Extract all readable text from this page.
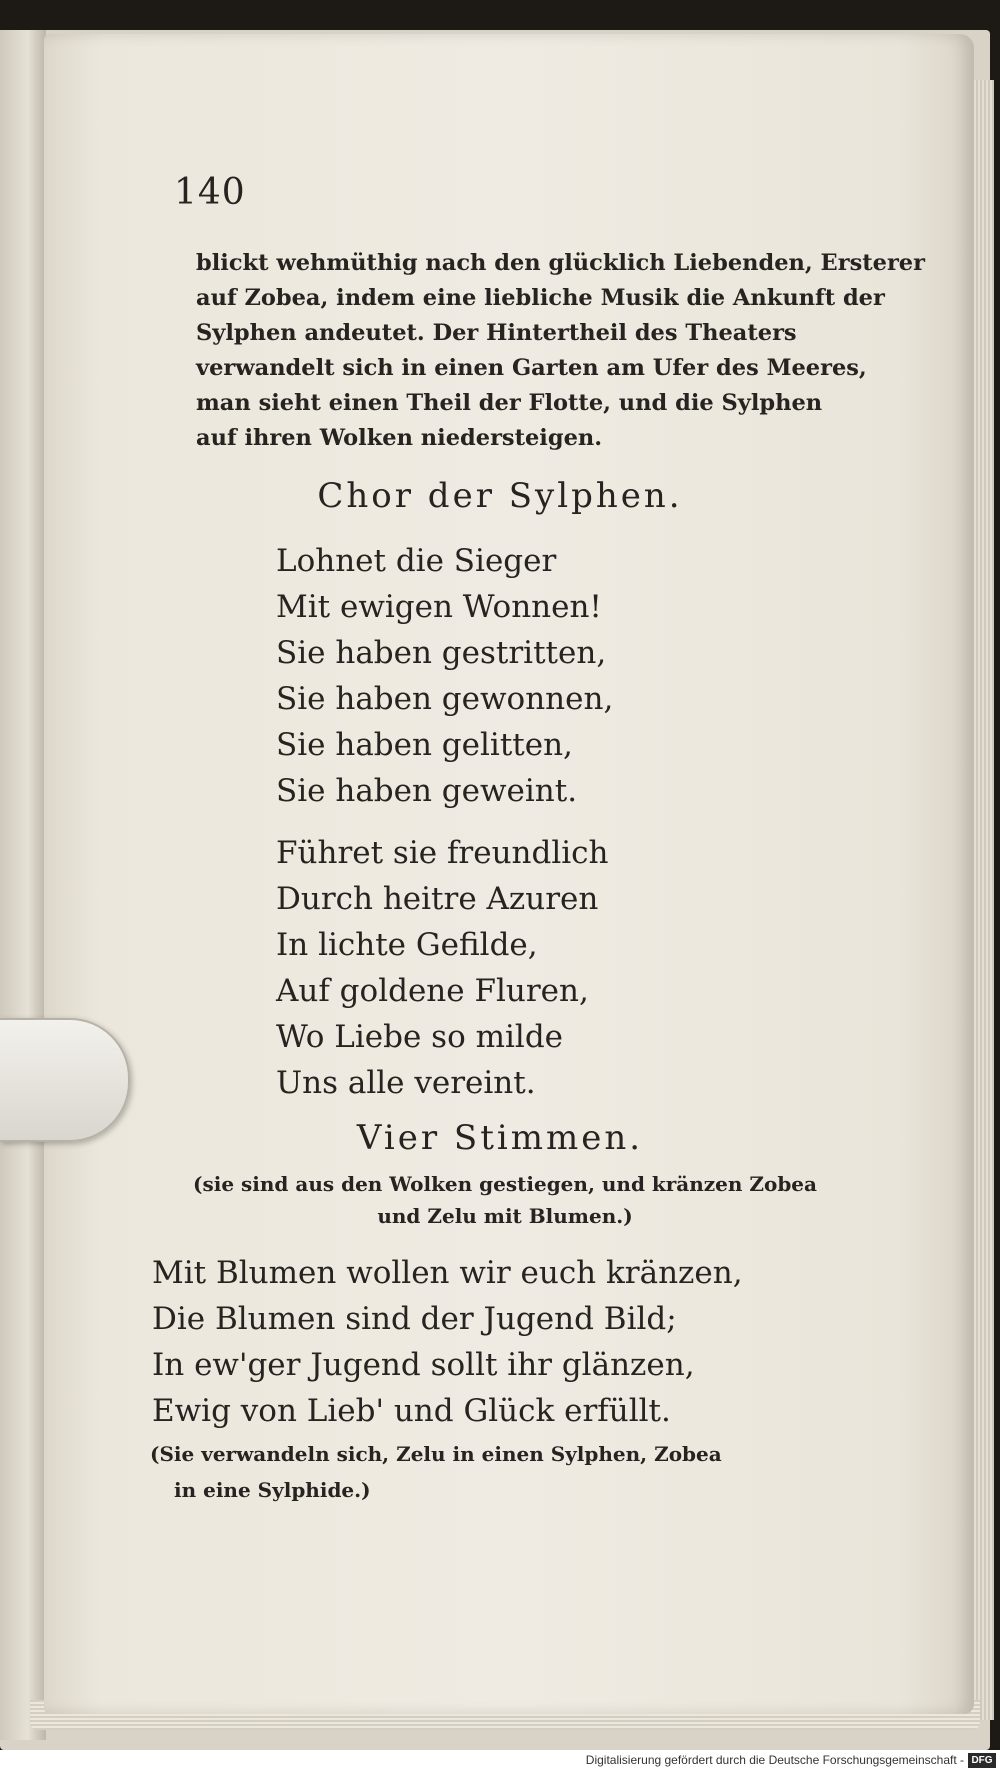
140
blickt wehmüthig nach den glücklich Liebenden, Ersterer
auf Zobea, indem eine liebliche Musik die Ankunft der
Sylphen andeutet. Der Hintertheil des Theaters
verwandelt sich in einen Garten am Ufer des Meeres,
man sieht einen Theil der Flotte, und die Sylphen
auf ihren Wolken niedersteigen.
Chor der Sylphen.
Lohnet die Sieger
Mit ewigen Wonnen!
Sie haben gestritten,
Sie haben gewonnen,
Sie haben gelitten,
Sie haben geweint.
Führet sie freundlich
Durch heitre Azuren
In lichte Gefilde,
Auf goldene Fluren,
Wo Liebe so milde
Uns alle vereint.
Vier Stimmen.
(sie sind aus den Wolken gestiegen, und kränzen Zobea
und Zelu mit Blumen.)
Mit Blumen wollen wir euch kränzen,
Die Blumen sind der Jugend Bild;
In ew'ger Jugend sollt ihr glänzen,
Ewig von Lieb' und Glück erfüllt.
(Sie verwandeln sich, Zelu in einen Sylphen, Zobea
in eine Sylphide.)
Digitalisierung gefördert durch die Deutsche Forschungsgemeinschaft - DFG
